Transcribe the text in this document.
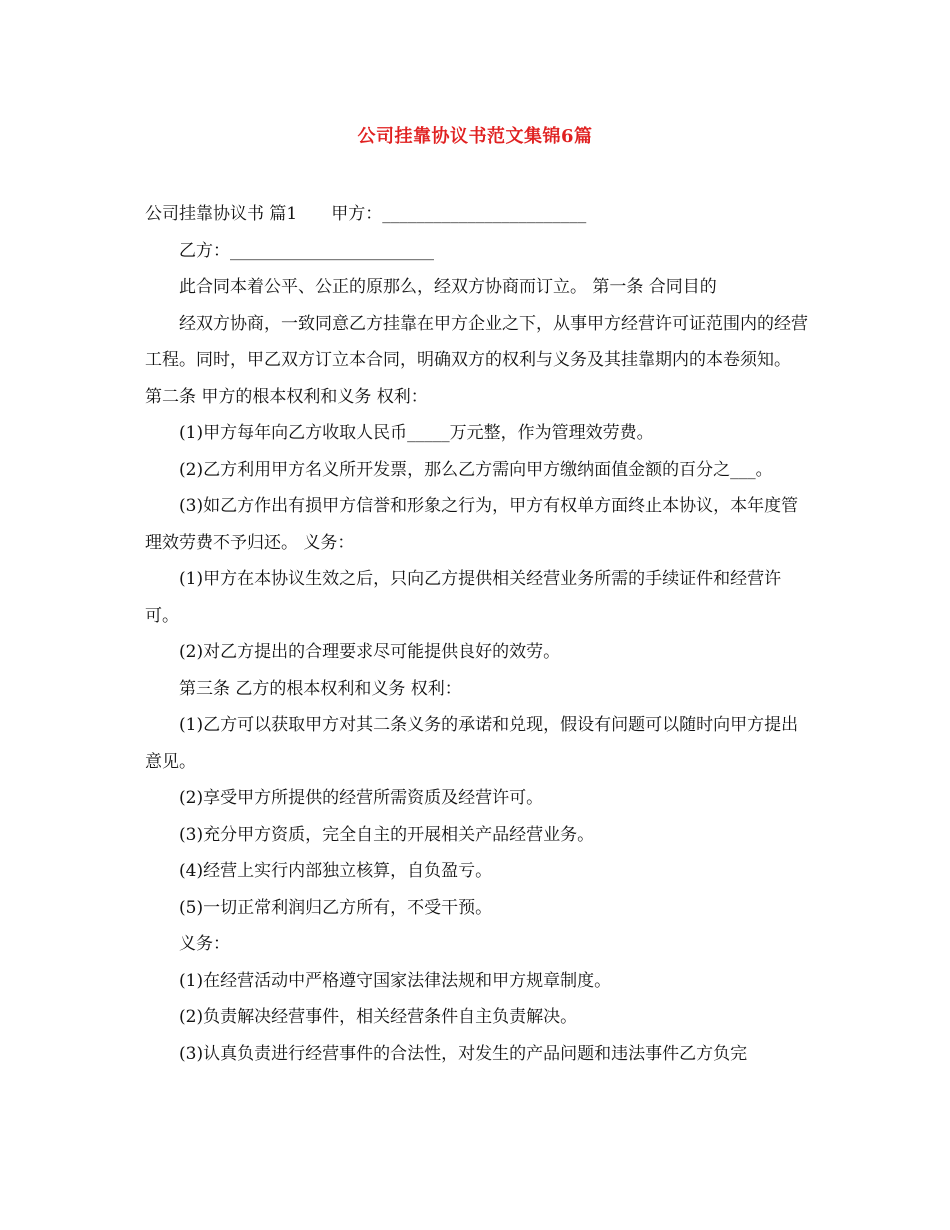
公司挂靠协议书范文集锦6篇

公司挂靠协议书 篇1 甲方：________________________

乙方：________________________

此合同本着公平、公正的原那么，经双方协商而订立。 第一条 合同目的

经双方协商，一致同意乙方挂靠在甲方企业之下，从事甲方经营许可证范围内的经营工程。同时，甲乙双方订立本合同，明确双方的权利与义务及其挂靠期内的本卷须知。 第二条 甲方的根本权利和义务 权利：

(1)甲方每年向乙方收取人民币_____万元整，作为管理效劳费。

(2)乙方利用甲方名义所开发票，那么乙方需向甲方缴纳面值金额的百分之___。

(3)如乙方作出有损甲方信誉和形象之行为，甲方有权单方面终止本协议，本年度管理效劳费不予归还。 义务：

(1)甲方在本协议生效之后，只向乙方提供相关经营业务所需的手续证件和经营许可。

(2)对乙方提出的合理要求尽可能提供良好的效劳。

第三条 乙方的根本权利和义务 权利：

(1)乙方可以获取甲方对其二条义务的承诺和兑现，假设有问题可以随时向甲方提出意见。

(2)享受甲方所提供的经营所需资质及经营许可。

(3)充分甲方资质，完全自主的开展相关产品经营业务。

(4)经营上实行内部独立核算，自负盈亏。

(5)一切正常利润归乙方所有，不受干预。

义务：

(1)在经营活动中严格遵守国家法律法规和甲方规章制度。

(2)负责解决经营事件，相关经营条件自主负责解决。

(3)认真负责进行经营事件的合法性，对发生的产品问题和违法事件乙方负完
